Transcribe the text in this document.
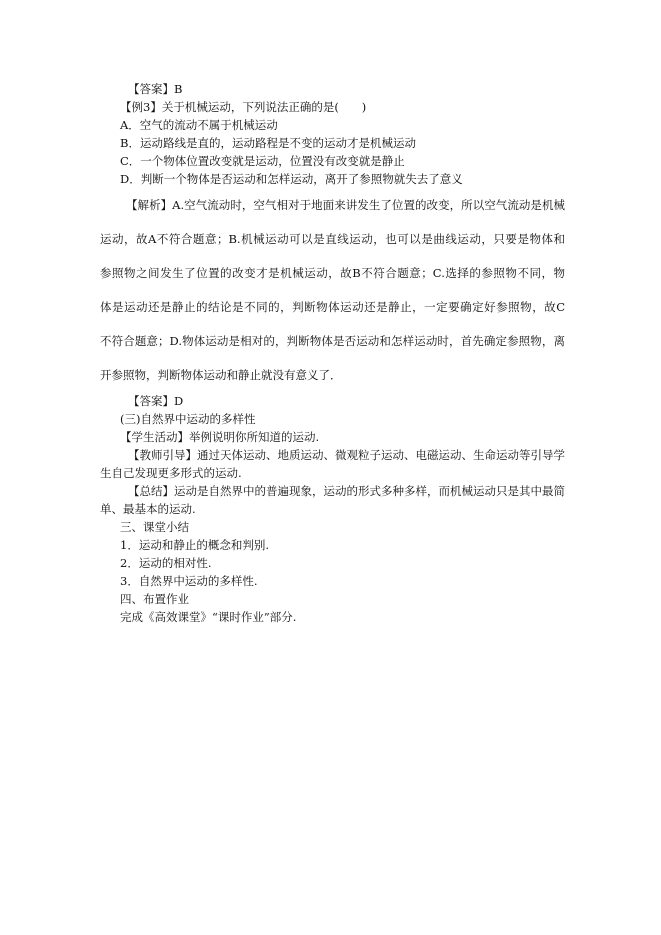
【答案】B
【例3】关于机械运动，下列说法正确的是(　　)
A．空气的流动不属于机械运动
B．运动路线是直的，运动路程是不变的运动才是机械运动
C．一个物体位置改变就是运动，位置没有改变就是静止
D．判断一个物体是否运动和怎样运动，离开了参照物就失去了意义
【解析】A.空气流动时，空气相对于地面来讲发生了位置的改变，所以空气流动是机械
运动，故A不符合题意；B.机械运动可以是直线运动，也可以是曲线运动，只要是物体和
参照物之间发生了位置的改变才是机械运动，故B不符合题意；C.选择的参照物不同，物
体是运动还是静止的结论是不同的，判断物体运动还是静止，一定要确定好参照物，故C
不符合题意；D.物体运动是相对的，判断物体是否运动和怎样运动时，首先确定参照物，离
开参照物，判断物体运动和静止就没有意义了．
【答案】D
(三)自然界中运动的多样性
【学生活动】举例说明你所知道的运动.
【教师引导】通过天体运动、地质运动、微观粒子运动、电磁运动、生命运动等引导学
生自己发现更多形式的运动.
【总结】运动是自然界中的普遍现象，运动的形式多种多样，而机械运动只是其中最简
单、最基本的运动.
三、课堂小结
1．运动和静止的概念和判别.
2．运动的相对性.
3．自然界中运动的多样性.
四、布置作业
完成《高效课堂》“课时作业”部分.
